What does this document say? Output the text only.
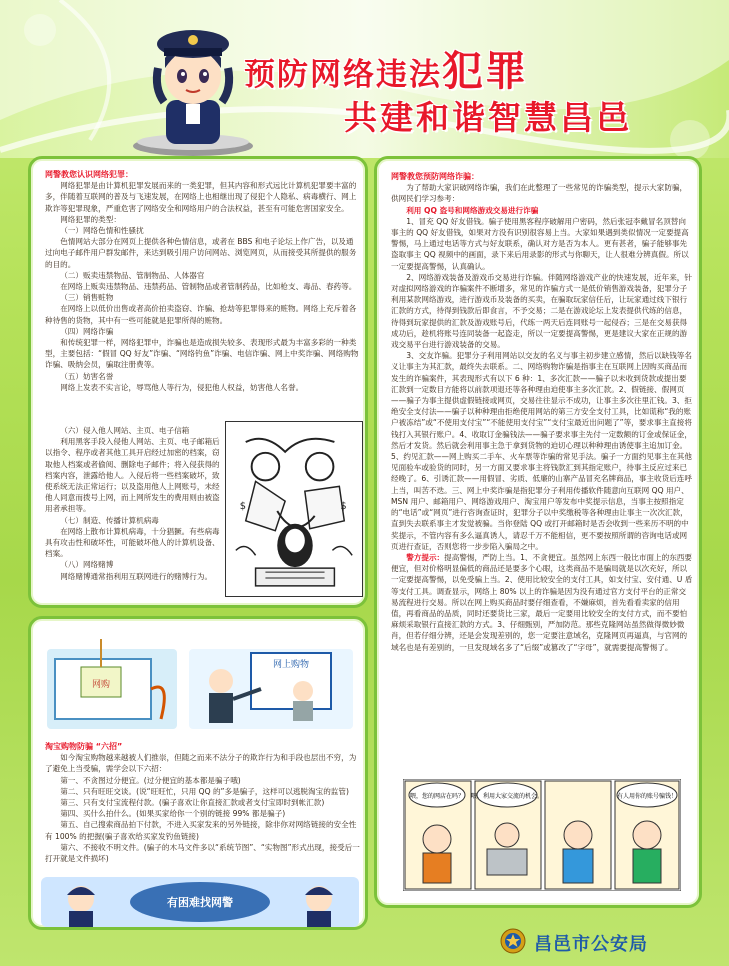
预防网络违法犯罪
共建和谐智慧昌邑
网警教您认识网络犯罪：

网络犯罪是由计算机犯罪发展而来的一类犯罪，但其内容和形式远比计算机犯罪要丰富的多，伴随着互联网的普及与飞速发展，在网络上也相继出现了侵犯个人隐私、病毒横行、网上欺诈等犯罪现象，严重危害了网络安全和网络用户的合法权益，甚至有可能危害国家安全。

网络犯罪的类型：

（一）网络色情和性骚扰

色情网站大部分在网页上提供各种色情信息，或者在 BBS 和电子论坛上作广告，以及通过向电子邮件用户群发邮件，来达到吸引用户访问网站、浏览网页，从而接受其所提供的服务的目的。

（二）贩卖违禁物品、管制物品、人体器官

在网络上贩卖违禁物品、违禁药品、管制物品或者管制药品，比如枪支、毒品、春药等。

（三）销售赃物

在网络上以低价出售或者高价拍卖盗窃、诈骗、抢劫等犯罪得来的赃物。网络上充斥着各种待售的货物，其中有一些可能就是犯罪所得的赃物。

（四）网络诈骗

和传统犯罪一样，网络犯罪中，诈骗也是造成损失较多、表现形式最为丰富多彩的一种类型，主要包括：“假冒 QQ 好友”诈骗、“网络钓鱼”诈骗、电信诈骗、网上中奖诈骗、网络购物诈骗、吸纳会员，骗取注册费等。

（五）妨害名誉

网络上发表不实言论，辱骂他人等行为，侵犯他人权益，妨害他人名誉。

（六）侵入他人网站、主页、电子信箱

利用黑客手段入侵他人网站、主页、电子邮箱后以指令、程序或者其他工具开启经过加密的档案，窃取他人档案或者偷阅、删除电子邮件；将入侵获得的档案内容，泄露给他人。入侵后将一些档案破坏，致使系统无法正常运行；以及盗用他人上网账号，未经他人同意而拨号上网，而上网所发生的费用则由被盗用者承担等。

（七）制造、传播计算机病毒

在网络上散布计算机病毒，十分猖獗。有些病毒具有攻击性和破坏性，可能破坏他人的计算机设备、档案。

（八）网络赌博

网络赌博通常指利用互联网进行的赌博行为。

$	$
网购
网上购物
淘宝购物防骗 “六招”

如今淘宝购物越来越被人们推崇，但随之而来不法分子的欺诈行为和手段也层出不穷，为了避免上当受骗，需学会以下六招：

第一、不贪图过分便宜。(过分便宜的基本都是骗子哦)

第二、只有旺旺交谈。(说“旺旺忙，只用 QQ 的”多是骗子，这样可以逃脱淘宝的监管)

第三、只有支付宝流程付款。(骗子喜欢让你直接汇款或者支付宝即时到帐汇款)

第四、买什么拍什么。(如果买家给你一个别的链接 99% 都是骗子)

第五、自己搜索商品拍下付款，不进入买家发来的另外链接，除非你对网络链接的安全性有 100% 的把握(骗子喜欢给买家发钓鱼链接)

第六、不接收不明文件。(骗子的木马文件多以“系统节图”、“实物图”形式出现，接受后一打开就是文件损坏)

有困难找网警
网警教您预防网络诈骗：

为了帮助大家识破网络诈骗，我们在此整理了一些常见的诈骗类型，提示大家防骗，供网民们学习参考：

利用 QQ 盗号和网络游戏交易进行诈骗

1、冒充 QQ 好友借钱。骗子使用黑客程序破解用户密码，然后张冠李戴冒名顶替向事主的 QQ 好友借钱，如果对方没有识别很容易上当。大家如果遇到类似情况一定要提高警惕，马上通过电话等方式与好友联系，确认对方是否为本人。更有甚者，骗子能够事先盗取事主 QQ 视频中的画面，录下来后用录影的形式与你聊天，让人很难分辨真假。所以一定要提高警惕，认真确认。

2、网络游戏装备及游戏币交易进行诈骗。伴随网络游戏产业的快速发展，近年来，针对虚拟网络游戏的诈骗案件不断增多，常见的诈骗方式一是低价销售游戏装备，犯罪分子利用某款网络游戏，进行游戏币及装备的买卖，在骗取玩家信任后，让玩家通过线下银行汇款的方式，待得到钱款后即食言，不予交易；二是在游戏论坛上发表提供代练的信息，待得到玩家提供的汇款及游戏账号后，代练一两天后连同账号一起侵吞；三是在交易获得成功后，趁机将账号连同装备一起盗走，所以一定要提高警惕，更是建议大家在正规的游戏交易平台进行游戏装备的交易。

3、交友诈骗。犯罪分子利用网站以交友的名义与事主初步建立感情，然后以缺钱等名义让事主为其汇款，最终失去联系。二、网络购物诈骗是指事主在互联网上因购买商品而发生的诈骗案件，其表现形式有以下 6 种：1、多次汇款——骗子以未收到货款或提出要汇款到一定数目方能将以前款项退还等各种理由迫使事主多次汇款。2、假链接、假网页——骗子为事主提供虚假链接或网页，交易往往显示不成功，让事主多次往里汇钱。3、拒绝安全支付法——骗子以种种理由拒绝使用网站的第三方安全支付工具，比如谎称“我的账户被冻结”或“不使用支付宝”“不能使用支付宝”“支付宝最近出问题了”等，要求事主直接将钱打入其银行账户。4、收取订金骗钱法——骗子要求事主先付一定数额的订金或保证金，然后才发货。然后就会利用事主急于拿到货物的迫切心理以种种理由诱使事主追加订金。5、约见汇款——网上购买二手车、火车票等诈骗的常见手法。骗子一方面约见事主在其他见面验车或验货的同时，另一方面又要求事主将钱款汇到其指定账户，待事主反应过来已经晚了。6、引诱汇款——用假冒、劣质、低廉的山寨产品冒充名牌商品，事主收货后连呼上当，叫苦不迭。三、网上中奖诈骗是指犯罪分子利用传播软件随意向互联网 QQ 用户、MSN 用户、邮箱用户、网络游戏用户、淘宝用户等发布中奖提示信息，当事主按照指定的“电话”或“网页”进行咨询查证时，犯罪分子以中奖缴税等各种理由让事主一次次汇款，直到失去联系事主才发觉被骗。当你登陆 QQ 或打开邮箱时是否会收到一些来历不明的中奖提示，不管内容有多么逼真诱人，请忍千万不能相信，更不要按照所谓的咨询电话或网页进行查证，否则您将一步步陷入骗局之中。

警方提示：提高警惕，严防上当。1、不贪便宜。虽然网上东西一般比市面上的东西要便宜，但对价格明显偏低的商品还是要多个心眼，这类商品不是骗局就是以次充好，所以一定要提高警惕，以免受骗上当。2、使用比较安全的支付工具，如支付宝、安付通、U 盾等支付工具。调查显示，网络上 80% 以上的诈骗是因为没有通过官方支付平台的正常交易流程进行交易。所以在网上购买商品时要仔细查看，不嫌麻烦，首先看看卖家的信用值，再看商品的品质，同时还要货比三家，最后一定要用比较安全的支付方式，而不要怕麻烦采取银行直接汇款的方式。3、仔细甄别，严加防范。那些克隆网站虽然做得微妙微肖，但若仔细分辨，还是会发现差别的，您一定要注意域名，克隆网页再逼真，与官网的域名也是有差别的，一旦发现域名多了“后缀”或篡改了“字母”，就需要提高警惕了。

喂，您的网店在吗？ 喂，利用大家交流的机会。	有人用你的账号骗钱！
昌邑市公安局
